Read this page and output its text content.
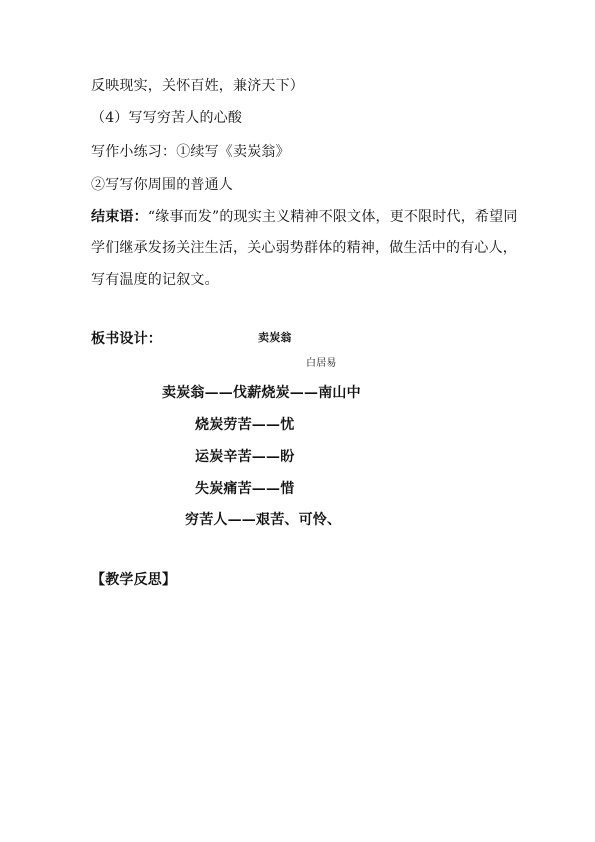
反映现实，关怀百姓，兼济天下）
（4）写写穷苦人的心酸
写作小练习：①续写《卖炭翁》
②写写你周围的普通人
结束语：“缘事而发”的现实主义精神不限文体，更不限时代，希望同
学们继承发扬关注生活，关心弱势群体的精神，做生活中的有心人，
写有温度的记叙文。
板书设计：	卖炭翁
白居易
卖炭翁——伐薪烧炭——南山中
烧炭劳苦——忧
运炭辛苦——盼
失炭痛苦——惜
穷苦人——艰苦、可怜、
【教学反思】
